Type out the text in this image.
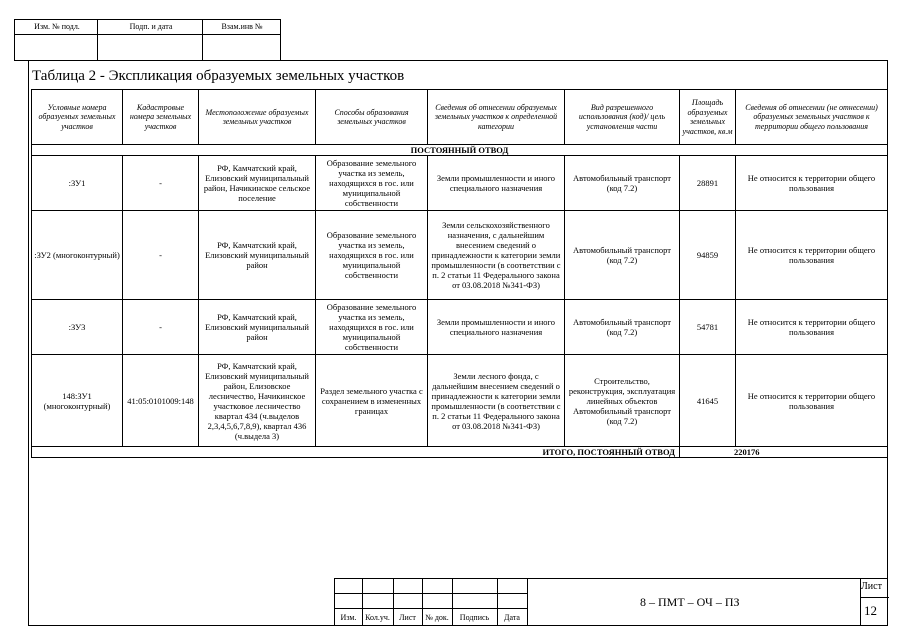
Изм. № подл.	Подп. и дата	Взам.инв №
Таблица 2 - Экспликация образуемых земельных участков
Условные номера образуемых земельных участков	Кадастровые номера земельных участков	Местоположение образуемых земельных участков	Способы образования земельных участков	Сведения об отнесении образуемых земельных участков к определенной категории	Вид разрешенного использования (код)/ цель установления части	Площадь образуемых земельных участков, кв.м	Сведения об отнесении (не отнесении) образуемых земельных участков к территории общего пользования
ПОСТОЯННЫЙ ОТВОД							
:ЗУ1	-	РФ, Камчатский край, Елизовский муниципальный район, Начикинское сельское поселение	Образование земельного участка из земель, находящихся в гос. или муниципальной собственности	Земли промышленности и иного специального назначения	Автомобильный транспорт (код 7.2)	28891	Не относится к территории общего пользования
:ЗУ2 (многоконтурный)	-	РФ, Камчатский край, Елизовский муниципальный район	Образование земельного участка из земель, находящихся в гос. или муниципальной собственности	Земли сельскохозяйственного назначения, с дальнейшим внесением сведений о принадлежности к категории земли промышленности (в соответствии с п. 2 статьи 11 Федерального закона от 03.08.2018 №341-ФЗ)	Автомобильный транспорт (код 7.2)	94859	Не относится к территории общего пользования
:ЗУ3	-	РФ, Камчатский край, Елизовский муниципальный район	Образование земельного участка из земель, находящихся в гос. или муниципальной собственности	Земли промышленности и иного специального назначения	Автомобильный транспорт (код 7.2)	54781	Не относится к территории общего пользования
148:ЗУ1 (многоконтурный)	41:05:0101009:148	РФ, Камчатский край, Елизовский муниципальный район, Елизовское лесничество, Начикинское участковое лесничество квартал 434 (ч.выделов 2,3,4,5,6,7,8,9), квартал 436 (ч.выдела 3)	Раздел земельного участка с сохранением в измененных границах	Земли лесного фонда, с дальнейшим внесением сведений о принадлежности к категории земли промышленности (в соответствии с п. 2 статьи 11 Федерального закона от 03.08.2018 №341-ФЗ)	Строительство, реконструкция, эксплуатация линейных объектов Автомобильный транспорт (код 7.2)	41645	Не относится к территории общего пользования
ИТОГО, ПОСТОЯННЫЙ ОТВОД						220176	
Изм.	Кол.уч.	Лист	№ док.	Подпись	Дата
8 – ПМТ – ОЧ – ПЗ
Лист
12
